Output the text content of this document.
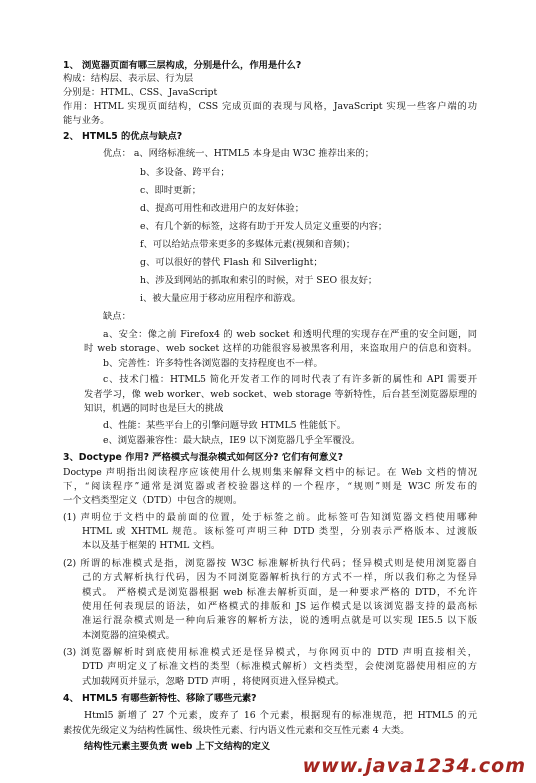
1、 浏览器页面有哪三层构成，分别是什么，作用是什么?
构成：结构层、表示层、行为层
分别是：HTML、CSS、JavaScript
作用：HTML 实现页面结构，CSS 完成页面的表现与风格，JavaScript 实现一些客户端的功
能与业务。
2、 HTML5 的优点与缺点?
优点： a、网络标准统一、HTML5 本身是由 W3C 推荐出来的；
b、多设备、跨平台；
c、即时更新；
d、提高可用性和改进用户的友好体验；
e、有几个新的标签，这将有助于开发人员定义重要的内容；
f、可以给站点带来更多的多媒体元素(视频和音频)；
g、可以很好的替代 Flash 和 Silverlight；
h、涉及到网站的抓取和索引的时候，对于 SEO 很友好；
i、被大量应用于移动应用程序和游戏。
缺点：
a、安全：像之前 Firefox4 的 web socket 和透明代理的实现存在严重的安全问题，同
时 web storage、web socket 这样的功能很容易被黑客利用，来盗取用户的信息和资料。
b、完善性：许多特性各浏览器的支持程度也不一样。
c、技术门槛：HTML5 简化开发者工作的同时代表了有许多新的属性和 API 需要开
发者学习，像 web worker、web socket、web storage 等新特性，后台甚至浏览器原理的
知识，机遇的同时也是巨大的挑战
d、性能：某些平台上的引擎问题导致 HTML5 性能低下。
e、浏览器兼容性：最大缺点，IE9 以下浏览器几乎全军覆没。
3、Doctype 作用? 严格模式与混杂模式如何区分? 它们有何意义?
Doctype 声明指出阅读程序应该使用什么规则集来解释文档中的标记。在 Web 文档的情况
下，“阅读程序”通常是浏览器或者校验器这样的一个程序，“规则”则是 W3C 所发布的
一个文档类型定义（DTD）中包含的规则。
(1) 声明位于文档中的最前面的位置，处于标签之前。此标签可告知浏览器文档使用哪种
HTML 或 XHTML 规范。该标签可声明三种 DTD 类型，分别表示严格版本、过渡版
本以及基于框架的 HTML 文档。
(2) 所谓的标准模式是指，浏览器按 W3C 标准解析执行代码；怪异模式则是使用浏览器自
己的方式解析执行代码，因为不同浏览器解析执行的方式不一样，所以我们称之为怪异
模式。 严格模式是浏览器根据 web 标准去解析页面，是一种要求严格的 DTD，不允许
使用任何表现层的语法，如严格模式的排版和 JS 运作模式是以该浏览器支持的最高标
准运行混杂模式则是一种向后兼容的解析方法，说的透明点就是可以实现 IE5.5 以下版
本浏览器的渲染模式。
(3) 浏览器解析时到底使用标准模式还是怪异模式，与你网页中的 DTD 声明直接相关，
DTD 声明定义了标准文档的类型（标准模式解析）文档类型，会使浏览器使用相应的方
式加载网页并显示，忽略 DTD 声明 ，将使网页进入怪异模式。
4、 HTML5 有哪些新特性、移除了哪些元素?
Html5 新增了 27 个元素，废弃了 16 个元素，根据现有的标准规范，把 HTML5 的元
素按优先级定义为结构性属性、级块性元素、行内语义性元素和交互性元素 4 大类。
结构性元素主要负责 web 上下文结构的定义
www.java1234.com
